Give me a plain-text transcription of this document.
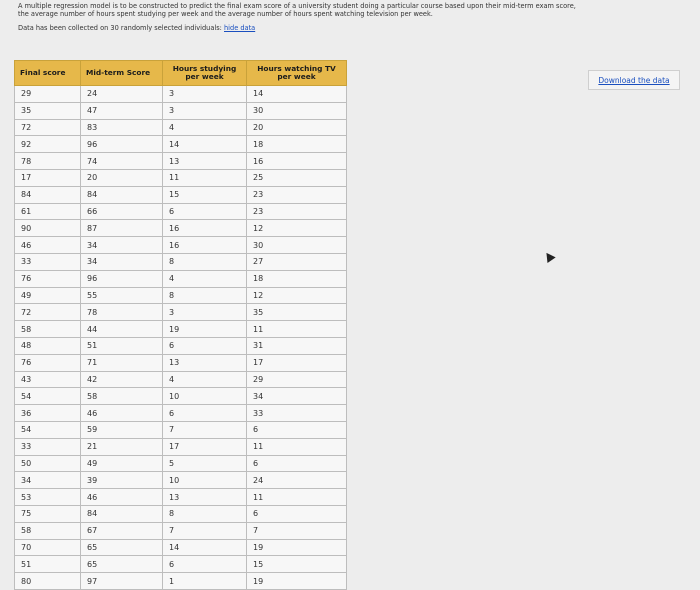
A multiple regression model is to be constructed to predict the final exam score of a university student doing a particular course based upon their mid-term exam score,

the average number of hours spent studying per week and the average number of hours spent watching television per week.

Data has been collected on 30 randomly selected individuals: hide data

Download the data
Final score	Mid-term Score	Hours studying per week	Hours watching TV per week
29	24	3	14
35	47	3	30
72	83	4	20
92	96	14	18
78	74	13	16
17	20	11	25
84	84	15	23
61	66	6	23
90	87	16	12
46	34	16	30
33	34	8	27
76	96	4	18
49	55	8	12
72	78	3	35
58	44	19	11
48	51	6	31
76	71	13	17
43	42	4	29
54	58	10	34
36	46	6	33
54	59	7	6
33	21	17	11
50	49	5	6
34	39	10	24
53	46	13	11
75	84	8	6
58	67	7	7
70	65	14	19
51	65	6	15
80	97	1	19
